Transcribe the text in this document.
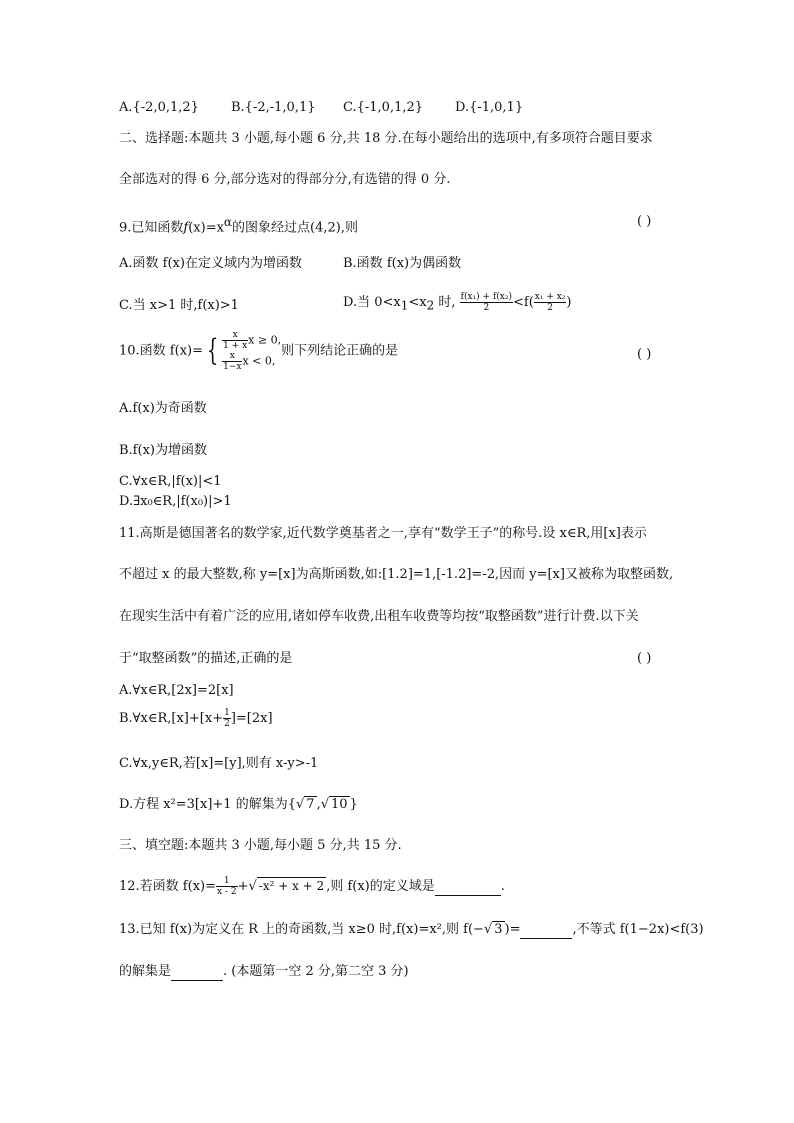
A.{-2,0,1,2} B.{-2,-1,0,1} C.{-1,0,1,2} D.{-1,0,1}
二、选择题:本题共 3 小题,每小题 6 分,共 18 分.在每小题给出的选项中,有多项符合题目要求
全部选对的得 6 分,部分选对的得部分分,有选错的得 0 分.
9.已知函数$f(x)=x^\alpha$的图象经过点(4,2),则	( )
A.函数 f(x)在定义域内为增函数	B.函数 f(x)为偶函数
C.当 x>1 时,f(x)>1	D.当 $0<x_1<x_2$ 时, $\frac{\text{f(x₁) + f(x₂)}}{2} <f( \frac{\text{x₁ + x₂}}{2}$ )
10.函数 f(x)= { $\frac{x}{1 + x}$ x ≥ 0,
$\frac{x}{1-x}$ x < 0,
则下列结论正确的是	( )
A.f(x)为奇函数
B.f(x)为增函数
C.∀x∈R,|f(x)|<1
D.∃x₀∈R,|f(x₀)|>1
11.高斯是德国著名的数学家,近代数学奠基者之一,享有“数学王子”的称号.设 x∈R,用[x]表示
不超过 x 的最大整数,称 y=[x]为高斯函数,如:[1.2]=1,[-1.2]=-2,因而 y=[x]又被称为取整函数,
在现实生活中有着广泛的应用,诸如停车收费,出租车收费等均按“取整函数”进行计费.以下关
于“取整函数”的描述,正确的是	( )
A.∀x∈R,[2x]=2[x]
B.∀x∈R,[x]+[x+ $\frac{1}{2} ]=[2x]$
C.∀x,y∈R,若[x]=[y],则有 x-y>-1
D.方程 x²=3[x]+1 的解集为{√ 7 ,√ 10 }
三、填空题:本题共 3 小题,每小题 5 分,共 15 分.
12.若函数 $f(x)= \frac{1}{x - 2}$ +√ -x² + x + 2 ,则 f(x)的定义域是	.
13.已知 f(x)为定义在 R 上的奇函数,当 x≥0 时,f(x)=x²,则 f(−√ 3 )=	,不等式 f(1−2x)<f(3)
的解集是	. (本题第一空 2 分,第二空 3 分)
